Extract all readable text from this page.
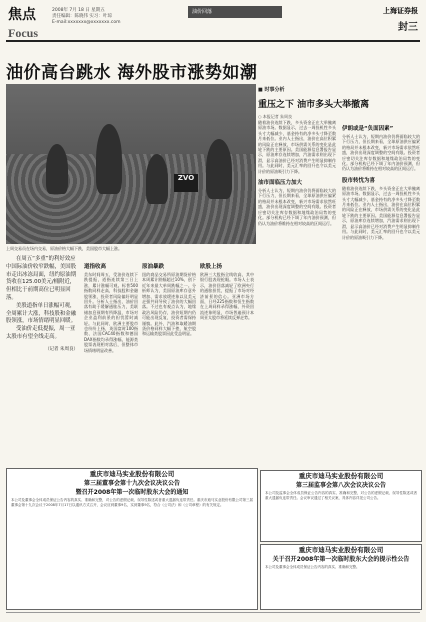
焦点
Focus
2008年 7月 18 日 星期五
责任编辑：陈晓伟 实习：叶琼
E-mail:xxxxxxx@xxxxxxx.com
油价回落	上海证券报
封三
油价高台跳水 海外股市涨势如潮
ZVO
上周交易员在场内交易，原油价格大幅下跌，美国股市大幅上涨。
在周五“多重”的利好效应中国际油价收窄跌幅，美国股市走出冰冻局面，纽约原油期货收在125.00美元/桶附近，但相比于前期高位已明显回落。
美股道指单日涨幅可观，全周累计大涨，科技股和金融股领涨，市场情绪明显回暖。
受油价走低提振，周一亚太股市有望全线走高。
（记者 朱周良）
道指收高
美东时间周五，受油价连续下跌提振，道指连续第三日上涨，累计涨幅可观。标普500指数同样走高，科技股和金融股领涨，投资者风险偏好明显回升。分析人士指出，油价回落有助于缓解通胀压力，美联储加息预期有所降温，市场对企业盈利前景的担忧暂时减轻。与此同时，欧洲主要股市也纷纷上扬，英国富时100指数、法国CAC40指数和德国DAX指数均录得涨幅，能源类股票表现相对落后，但整体市场情绪明显改善。
原油暴跌
纽约商品交易所原油期货价格本周累计跌幅超过10%，创下近年来最大单周跌幅之一。分析师认为，美国原油库存意外增加、需求放缓迹象以及美元走强共同导致了油价的大幅回落。不过也有观点认为，地缘政治风险仍存，油价短期内仍可能出现反复，投资者需保持谨慎。此外，汽油和取暖油期货价格同样大幅下挫，航空股和运输类股票因此受益明显。
欧股上扬
欧洲三大股指全线收高，其中银行股表现抢眼。市场人士表示，油价回落减轻了欧洲央行的通胀担忧，提振了市场对经济前景的信心。亚洲市场方面，日经225指数和恒生指数在上周同样录得涨幅，外资回流迹象明显，市场普遍预计本周亚太股市将延续反弹走势。
■ 时事分析
重压之下 油市多头大举撤离
○ 本报记者 朱周良
随着油价连续下跌，多头资金正在大举撤离原油市场。数据显示，过去一周投机性多头头寸大幅减少，基金持有的净多头寸降至数月来低位。业内人士指出，油价在高位积累的风险正在释放，市场供需关系的变化是此轮下跌的主要原因。美国能源信息署报告显示，原油库存连续增加，汽油需求则出现下滑，显示高油价已经对消费产生明显抑制作用。与此同时，美元汇率的回升也令以美元计价的原油吸引力下降。
油市面临压力加大
分析人士认为，短期内油价仍将面临较大的下行压力，但长期来看，全球原油供应偏紧的格局并未根本改变，新兴市场需求依然旺盛，油价出现深度调整的空间有限。投资者应密切关注库存数据和地缘政治局势的变化。部分机构已经下调了年内油价预测，但仍认为油价将维持在相对较高的区间运行。
伊朗或是“负面因素”
分析人士认为，短期内油价仍将面临较大的下行压力，但长期来看，全球原油供应偏紧的格局并未根本改变，新兴市场需求依然旺盛，油价出现深度调整的空间有限。投资者应密切关注库存数据和地缘政治局势的变化。部分机构已经下调了年内油价预测，但仍认为油价将维持在相对较高的区间运行。
股市转忧为喜
随着油价连续下跌，多头资金正在大举撤离原油市场。数据显示，过去一周投机性多头头寸大幅减少，基金持有的净多头寸降至数月来低位。业内人士指出，油价在高位积累的风险正在释放，市场供需关系的变化是此轮下跌的主要原因。美国能源信息署报告显示，原油库存连续增加，汽油需求则出现下滑，显示高油价已经对消费产生明显抑制作用。与此同时，美元汇率的回升也令以美元计价的原油吸引力下降。
重庆市迪马实业股份有限公司
第三届董事会第十九次会议决议公告
暨召开2008年第一次临时股东大会的通知
本公司及董事会全体成员保证公告内容的真实、准确和完整，对公告的虚假记载、误导性陈述或者重大遗漏负连带责任。重庆市迪马实业股份有限公司第三届董事会第十九次会议于2008年7月17日以通讯方式召开，会议应到董事9名，实到董事9名，符合《公司法》和《公司章程》的有关规定。
重庆市迪马实业股份有限公司
第三届监事会第八次会议决议公告
本公司及监事会全体成员保证公告内容的真实、准确和完整，对公告的虚假记载、误导性陈述或者重大遗漏负连带责任。会议审议通过了相关议案，具体内容详见公司公告。
重庆市迪马实业股份有限公司
关于召开2008年第一次临时股东大会的提示性公告
本公司及董事会全体成员保证公告内容的真实、准确和完整。
